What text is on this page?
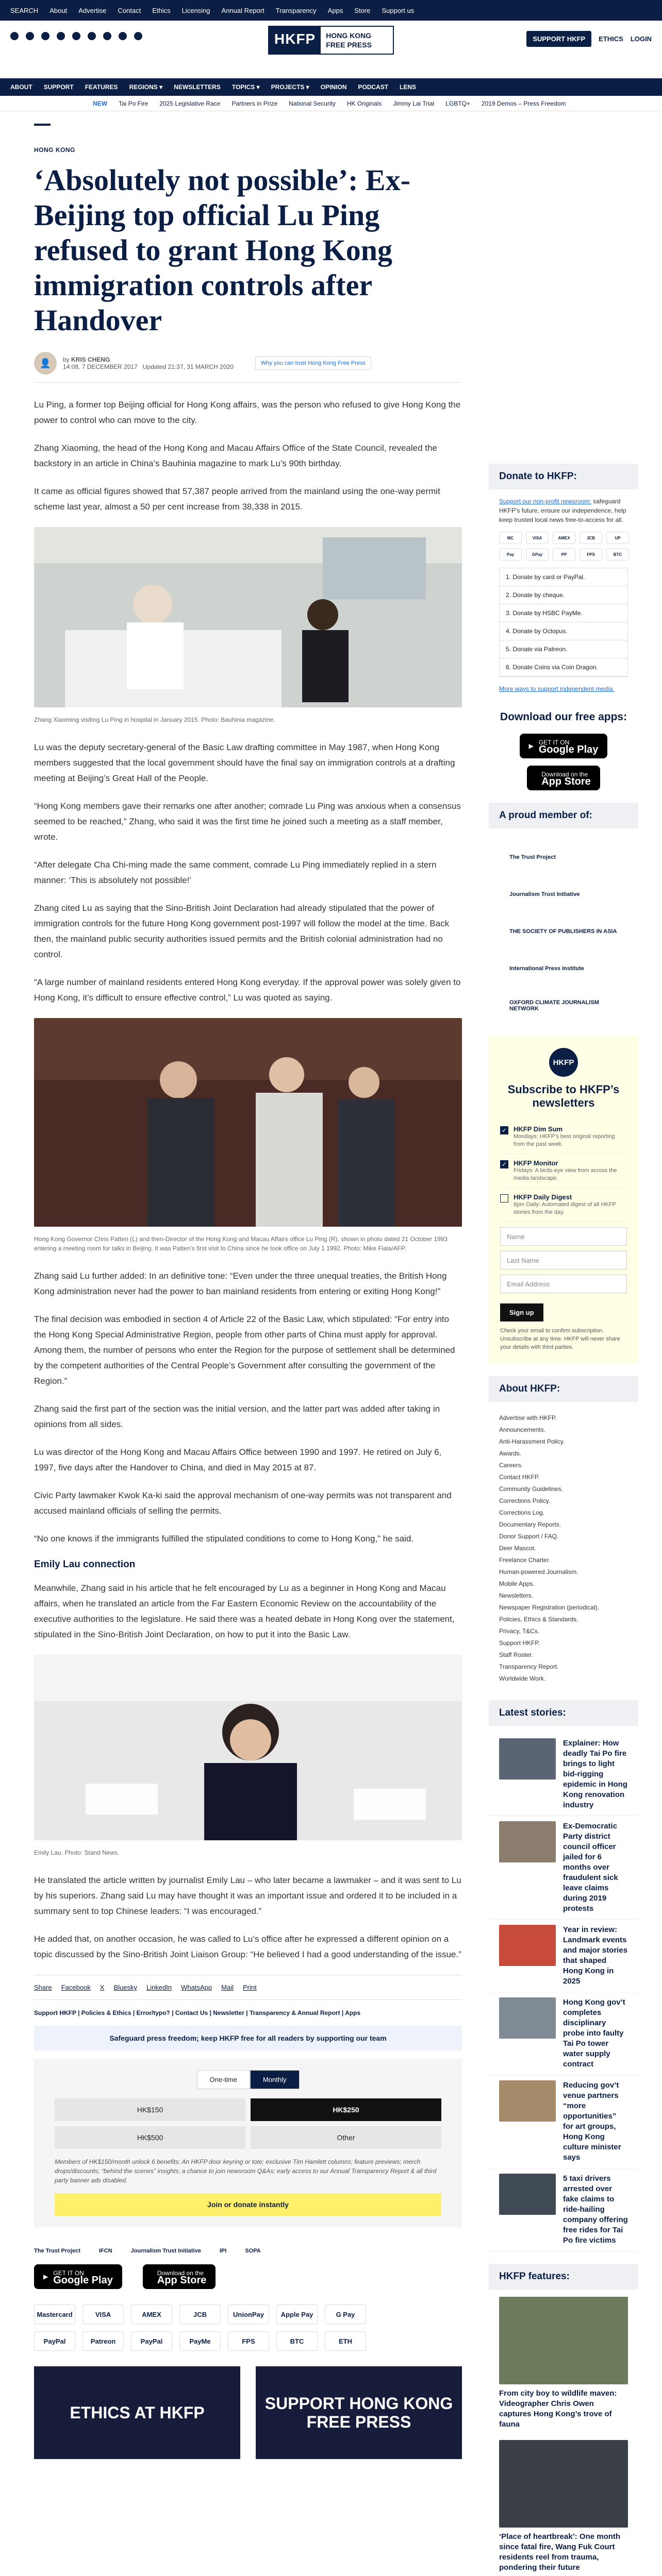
SEARCH About Advertise Contact Ethics Licensing Annual Report Transparency Apps Store Support us
HKFP	HONG KONG FREE PRESS
SUPPORT HKFP	ETHICS LOGIN
ABOUT SUPPORT FEATURES REGIONS ▾ NEWSLETTERS TOPICS ▾ PROJECTS ▾ OPINION PODCAST LENS
NEW Tai Po Fire 2025 Legislative Race Partners in Prize National Security HK Originals Jimmy Lai Trial LGBTQ+ 2019 Demos – Press Freedom
HONG KONG
‘Absolutely not possible’: Ex-Beijing top official Lu Ping refused to grant Hong Kong immigration controls after Handover
👤	by KRIS CHENG
14:08, 7 DECEMBER 2017 Updated 21:37, 31 MARCH 2020	Why you can trust Hong Kong Free Press

Lu Ping, a former top Beijing official for Hong Kong affairs, was the person who refused to give Hong Kong the power to control who can move to the city.

Zhang Xiaoming, the head of the Hong Kong and Macau Affairs Office of the State Council, revealed the backstory in an article in China’s Bauhinia magazine to mark Lu’s 90th birthday.

It came as official figures showed that 57,387 people arrived from the mainland using the one-way permit scheme last year, almost a 50 per cent increase from 38,338 in 2015.

Zhang Xiaoming visiting Lu Ping in hospital in January 2015. Photo: Bauhinia magazine.

Lu was the deputy secretary-general of the Basic Law drafting committee in May 1987, when Hong Kong members suggested that the local government should have the final say on immigration controls at a drafting meeting at Beijing’s Great Hall of the People.

“Hong Kong members gave their remarks one after another; comrade Lu Ping was anxious when a consensus seemed to be reached,” Zhang, who said it was the first time he joined such a meeting as a staff member, wrote.

“After delegate Cha Chi-ming made the same comment, comrade Lu Ping immediately replied in a stern manner: ‘This is absolutely not possible!’

Zhang cited Lu as saying that the Sino-British Joint Declaration had already stipulated that the power of immigration controls for the future Hong Kong government post-1997 will follow the model at the time. Back then, the mainland public security authorities issued permits and the British colonial administration had no control.

“A large number of mainland residents entered Hong Kong everyday. If the approval power was solely given to Hong Kong, it’s difficult to ensure effective control,” Lu was quoted as saying.

Hong Kong Governor Chris Patten (L) and then-Director of the Hong Kong and Macau Affairs office Lu Ping (R), shown in photo dated 21 October 1993 entering a meeting room for talks in Beijing. It was Patten’s first visit to China since he took office on July 1 1992. Photo: Mike Fiala/AFP.

Zhang said Lu further added: In an definitive tone: “Even under the three unequal treaties, the British Hong Kong administration never had the power to ban mainland residents from entering or exiting Hong Kong!”

The final decision was embodied in section 4 of Article 22 of the Basic Law, which stipulated: “For entry into the Hong Kong Special Administrative Region, people from other parts of China must apply for approval. Among them, the number of persons who enter the Region for the purpose of settlement shall be determined by the competent authorities of the Central People’s Government after consulting the government of the Region.”

Zhang said the first part of the section was the initial version, and the latter part was added after taking in opinions from all sides.

Lu was director of the Hong Kong and Macau Affairs Office between 1990 and 1997. He retired on July 6, 1997, five days after the Handover to China, and died in May 2015 at 87.

Civic Party lawmaker Kwok Ka-ki said the approval mechanism of one-way permits was not transparent and accused mainland officials of selling the permits.

“No one knows if the immigrants fulfilled the stipulated conditions to come to Hong Kong,” he said.

Emily Lau connection

Meanwhile, Zhang said in his article that he felt encouraged by Lu as a beginner in Hong Kong and Macau affairs, when he translated an article from the Far Eastern Economic Review on the accountability of the executive authorities to the legislature. He said there was a heated debate in Hong Kong over the statement, stipulated in the Sino-British Joint Declaration, on how to put it into the Basic Law.

Emily Lau. Photo: Stand News.

He translated the article written by journalist Emily Lau – who later became a lawmaker – and it was sent to Lu by his superiors. Zhang said Lu may have thought it was an important issue and ordered it to be included in a summary sent to top Chinese leaders: “I was encouraged.”

He added that, on another occasion, he was called to Lu’s office after he expressed a different opinion on a topic discussed by the Sino-British Joint Liaison Group: “He believed I had a good understanding of the issue.”

Share Facebook X Bluesky LinkedIn WhatsApp Mail Print
Support HKFP | Policies & Ethics | Error/typo? | Contact Us | Newsletter | Transparency & Annual Report | Apps
Safeguard press freedom; keep HKFP free for all readers by supporting our team
One-time	Monthly
HK$150	HK$250
HK$500	Other
Members of HK$150/month unlock 6 benefits: An HKFP door keyring or tote; exclusive Tim Hamlett columns; feature previews; merch drops/discounts; “behind the scenes” insights; a chance to join newsroom Q&As; early access to our Annual Transparency Report & all third party banner ads disabled.
Join or donate instantly
The Trust Project	IFCN	Journalism Trust Initiative	IPI	SOPA
▶ GET IT ON
Google Play
Download on the
App Store
Mastercard	VISA	AMEX	JCB	UnionPay	Apple Pay	G Pay
PayPal	Patreon	PayPal	PayMe	FPS	BTC	ETH
ETHICS AT HKFP	SUPPORT HONG KONG FREE PRESS
Donate to HKFP:
Support our non-profit newsroom: safeguard HKFP’s future, ensure our independence, help keep trusted local news free-to-access for all.
MC	VISA	AMEX	JCB	UP
Pay	GPay	PP	FPS	BTC
1. Donate by card or PayPal.
2. Donate by cheque.
3. Donate by HSBC PayMe.
4. Donate by Octopus.
5. Donate via Patreon.
6. Donate Coins via Coin Dragon.
More ways to support independent media.
Download our free apps:
▶ GET IT ON
Google Play
Download on the
App Store
A proud member of:
The Trust Project
Journalism Trust Initiative
THE SOCIETY OF PUBLISHERS IN ASIA
International Press Institute
OXFORD CLIMATE JOURNALISM NETWORK
HKFP
Subscribe to HKFP’s newsletters
✓ HKFP Dim Sum
Mondays: HKFP’s best original reporting from the past week.
✓ HKFP Monitor
Fridays: A birds-eye view from across the media landscape.
HKFP Daily Digest
6pm Daily: Automated digest of all HKFP stories from the day.
Name
Last Name
Email Address
Sign up
Check your email to confirm subscription. Unsubscribe at any time. HKFP will never share your details with third parties.
About HKFP:
Advertise with HKFP.
Announcements.
Anti-Harassment Policy.
Awards.
Careers.
Contact HKFP.
Community Guidelines.
Corrections Policy.
Corrections Log.
Documentary Reports.
Donor Support / FAQ.
Deer Mascot.
Freelance Charter.
Human-powered Journalism.
Mobile Apps.
Newsletters.
Newspaper Registration (periodical).
Policies, Ethics & Standards.
Privacy, T&Cs.
Support HKFP.
Staff Roster.
Transparency Report.
Worldwide Work.
Latest stories:
Explainer: How deadly Tai Po fire brings to light bid-rigging epidemic in Hong Kong renovation industry
Ex-Democratic Party district council officer jailed for 6 months over fraudulent sick leave claims during 2019 protests
Year in review: Landmark events and major stories that shaped Hong Kong in 2025
Hong Kong gov’t completes disciplinary probe into faulty Tai Po tower water supply contract
Reducing gov’t venue partners “more opportunities” for art groups, Hong Kong culture minister says
5 taxi drivers arrested over fake claims to ride-hailing company offering free rides for Tai Po fire victims
HKFP features:
From city boy to wildlife maven: Videographer Chris Owen captures Hong Kong’s trove of fauna
‘Place of heartbreak’: One month since fatal fire, Wang Fuk Court residents reel from trauma, pondering their future
